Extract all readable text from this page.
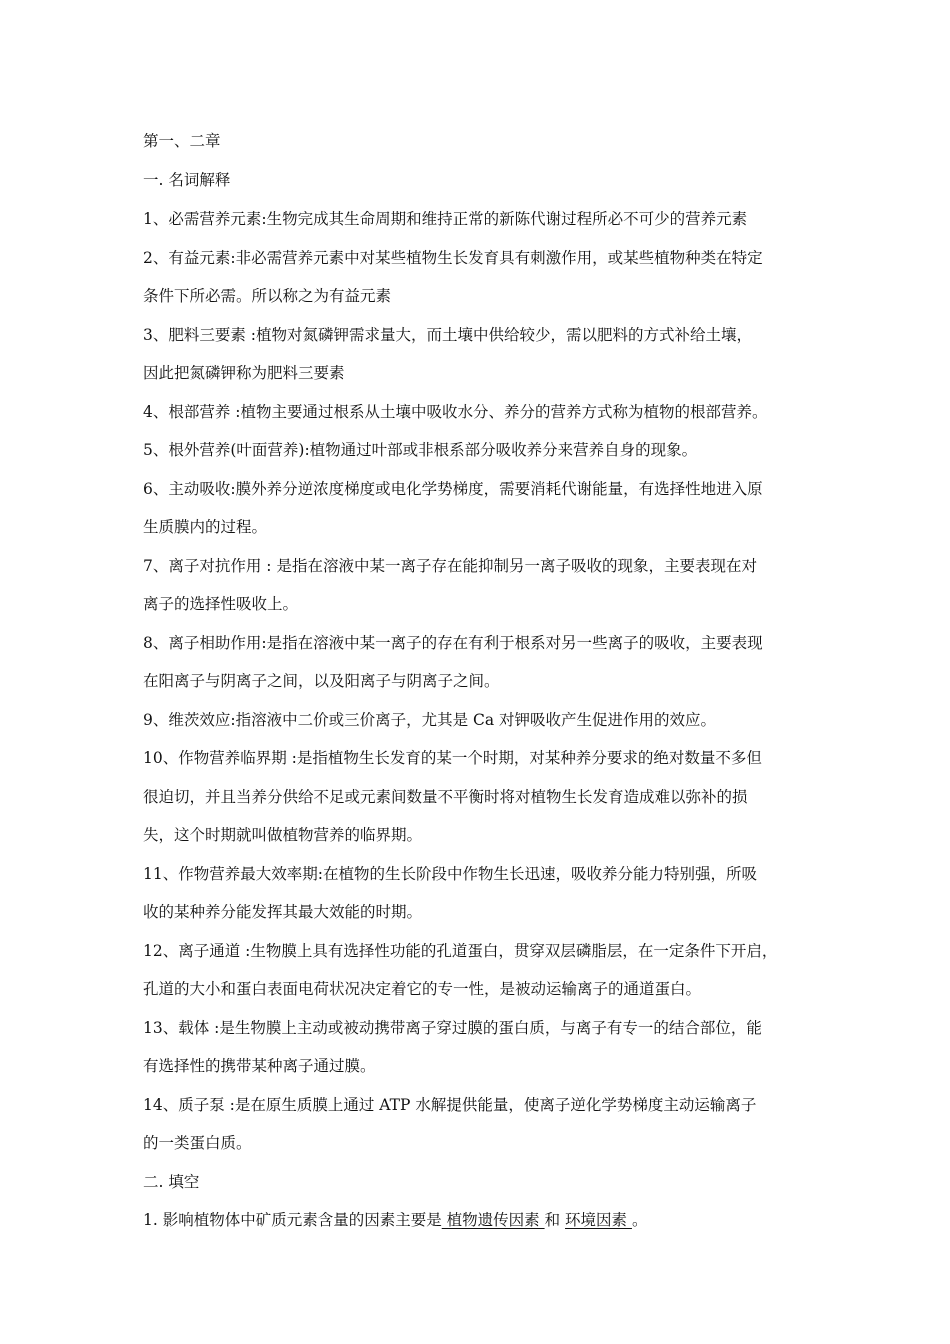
第一、二章
一. 名词解释
1、必需营养元素:生物完成其生命周期和维持正常的新陈代谢过程所必不可少的营养元素
2、有益元素:非必需营养元素中对某些植物生长发育具有刺激作用，或某些植物种类在特定
条件下所必需。所以称之为有益元素
3、肥料三要素 :植物对氮磷钾需求量大，而土壤中供给较少，需以肥料的方式补给土壤，
因此把氮磷钾称为肥料三要素
4、根部营养 :植物主要通过根系从土壤中吸收水分、养分的营养方式称为植物的根部营养。
5、根外营养(叶面营养):植物通过叶部或非根系部分吸收养分来营养自身的现象。
6、主动吸收:膜外养分逆浓度梯度或电化学势梯度，需要消耗代谢能量，有选择性地进入原
生质膜内的过程。
7、离子对抗作用 : 是指在溶液中某一离子存在能抑制另一离子吸收的现象，主要表现在对
离子的选择性吸收上。
8、离子相助作用:是指在溶液中某一离子的存在有利于根系对另一些离子的吸收，主要表现
在阳离子与阴离子之间，以及阳离子与阴离子之间。
9、维茨效应:指溶液中二价或三价离子，尤其是 Ca 对钾吸收产生促进作用的效应。
10、作物营养临界期 :是指植物生长发育的某一个时期，对某种养分要求的绝对数量不多但
很迫切，并且当养分供给不足或元素间数量不平衡时将对植物生长发育造成难以弥补的损
失，这个时期就叫做植物营养的临界期。
11、作物营养最大效率期:在植物的生长阶段中作物生长迅速，吸收养分能力特别强，所吸
收的某种养分能发挥其最大效能的时期。
12、离子通道 :生物膜上具有选择性功能的孔道蛋白，贯穿双层磷脂层，在一定条件下开启，
孔道的大小和蛋白表面电荷状况决定着它的专一性，是被动运输离子的通道蛋白。
13、载体 :是生物膜上主动或被动携带离子穿过膜的蛋白质，与离子有专一的结合部位，能
有选择性的携带某种离子通过膜。
14、质子泵 :是在原生质膜上通过 ATP 水解提供能量，使离子逆化学势梯度主动运输离子
的一类蛋白质。
二. 填空
1. 影响植物体中矿质元素含量的因素主要是 植物遗传因素 和 环境因素 。
